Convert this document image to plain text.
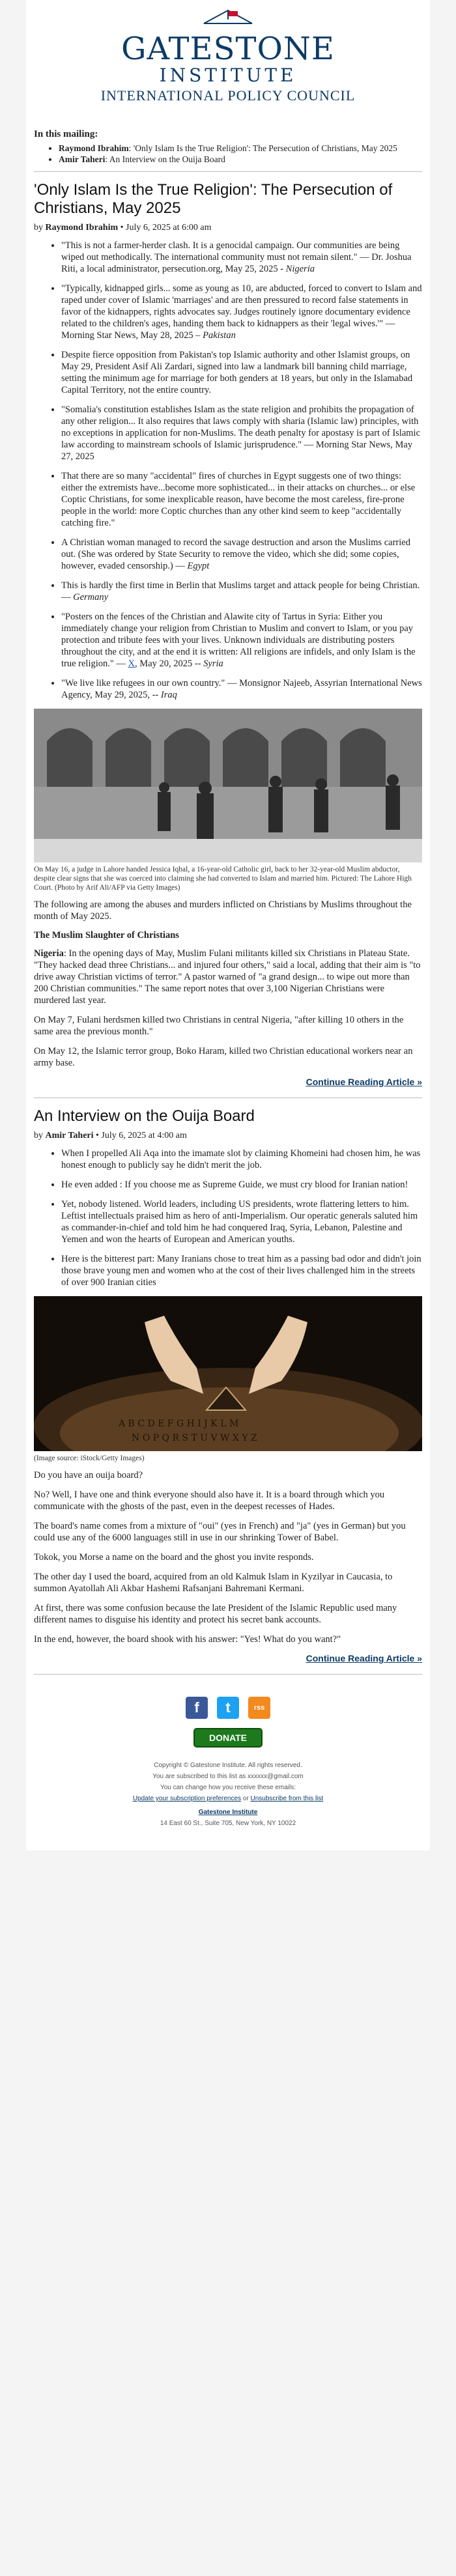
GATESTONE
INSTITUTE
INTERNATIONAL POLICY COUNCIL
In this mailing:
• Raymond Ibrahim: 'Only Islam Is the True Religion': The Persecution of Christians, May 2025
• Amir Taheri: An Interview on the Ouija Board
'Only Islam Is the True Religion': The Persecution of Christians, May 2025
by Raymond Ibrahim • July 6, 2025 at 6:00 am
• "This is not a farmer-herder clash. It is a genocidal campaign. Our communities are being wiped out methodically. The international community must not remain silent." — Dr. Joshua Riti, a local administrator, persecution.org, May 25, 2025 - Nigeria
• "Typically, kidnapped girls... some as young as 10, are abducted, forced to convert to Islam and raped under cover of Islamic 'marriages' and are then pressured to record false statements in favor of the kidnappers, rights advocates say. Judges routinely ignore documentary evidence related to the children's ages, handing them back to kidnappers as their 'legal wives.'" — Morning Star News, May 28, 2025 – Pakistan
• Despite fierce opposition from Pakistan's top Islamic authority and other Islamist groups, on May 29, President Asif Ali Zardari, signed into law a landmark bill banning child marriage, setting the minimum age for marriage for both genders at 18 years, but only in the Islamabad Capital Territory, not the entire country.
• "Somalia's constitution establishes Islam as the state religion and prohibits the propagation of any other religion... It also requires that laws comply with sharia (Islamic law) principles, with no exceptions in application for non-Muslims. The death penalty for apostasy is part of Islamic law according to mainstream schools of Islamic jurisprudence." — Morning Star News, May 27, 2025
• That there are so many "accidental" fires of churches in Egypt suggests one of two things: either the extremists have...become more sophisticated... in their attacks on churches... or else Coptic Christians, for some inexplicable reason, have become the most careless, fire-prone people in the world: more Coptic churches than any other kind seem to keep "accidentally catching fire."
• A Christian woman managed to record the savage destruction and arson the Muslims carried out. (She was ordered by State Security to remove the video, which she did; some copies, however, evaded censorship.) — Egypt
• This is hardly the first time in Berlin that Muslims target and attack people for being Christian. — Germany
• "Posters on the fences of the Christian and Alawite city of Tartus in Syria: Either you immediately change your religion from Christian to Muslim and convert to Islam, or you pay protection and tribute fees with your lives. Unknown individuals are distributing posters throughout the city, and at the end it is written: All religions are infidels, and only Islam is the true religion." — X, May 20, 2025 -- Syria
• "We live like refugees in our own country." — Monsignor Najeeb, Assyrian International News Agency, May 29, 2025, -- Iraq
On May 16, a judge in Lahore handed Jessica Iqbal, a 16-year-old Catholic girl, back to her 32-year-old Muslim abductor, despite clear signs that she was coerced into claiming she had converted to Islam and married him. Pictured: The Lahore High Court. (Photo by Arif Ali/AFP via Getty Images)

The following are among the abuses and murders inflicted on Christians by Muslims throughout the month of May 2025.

The Muslim Slaughter of Christians

Nigeria: In the opening days of May, Muslim Fulani militants killed six Christians in Plateau State. "They hacked dead three Christians... and injured four others," said a local, adding that their aim is "to drive away Christian victims of terror." A pastor warned of "a grand design... to wipe out more than 200 Christian communities." The same report notes that over 3,100 Nigerian Christians were murdered last year.

On May 7, Fulani herdsmen killed two Christians in central Nigeria, "after killing 10 others in the same area the previous month."

On May 12, the Islamic terror group, Boko Haram, killed two Christian educational workers near an army base.

Continue Reading Article »
An Interview on the Ouija Board
by Amir Taheri • July 6, 2025 at 4:00 am
• When I propelled Ali Aqa into the imamate slot by claiming Khomeini had chosen him, he was honest enough to publicly say he didn't merit the job.
• He even added : If you choose me as Supreme Guide, we must cry blood for Iranian nation!
• Yet, nobody listened. World leaders, including US presidents, wrote flattering letters to him. Leftist intellectuals praised him as hero of anti-Imperialism. Our operatic generals saluted him as commander-in-chief and told him he had conquered Iraq, Syria, Lebanon, Palestine and Yemen and won the hearts of European and American youths.
• Here is the bitterest part: Many Iranians chose to treat him as a passing bad odor and didn't join those brave young men and women who at the cost of their lives challenged him in the streets of over 900 Iranian cities
A B C D E F G H I J K L M
N O P Q R S T U V W X Y Z
(Image source: iStock/Getty Images)

Do you have an ouija board?

No? Well, I have one and think everyone should also have it. It is a board through which you communicate with the ghosts of the past, even in the deepest recesses of Hades.

The board's name comes from a mixture of "oui" (yes in French) and "ja" (yes in German) but you could use any of the 6000 languages still in use in our shrinking Tower of Babel.

Tokok, you Morse a name on the board and the ghost you invite responds.

The other day I used the board, acquired from an old Kalmuk Islam in Kyzilyar in Caucasia, to summon Ayatollah Ali Akbar Hashemi Rafsanjani Bahremani Kermani.

At first, there was some confusion because the late President of the Islamic Republic used many different names to disguise his identity and protect his secret bank accounts.

In the end, however, the board shook with his answer: "Yes! What do you want?"

Continue Reading Article »
f	t	rss
DONATE

Copyright © Gatestone Institute. All rights reserved.

You are subscribed to this list as xxxxxx@gmail.com

You can change how you receive these emails:

Update your subscription preferences or Unsubscribe from this list

Gatestone Institute

14 East 60 St., Suite 705, New York, NY 10022
